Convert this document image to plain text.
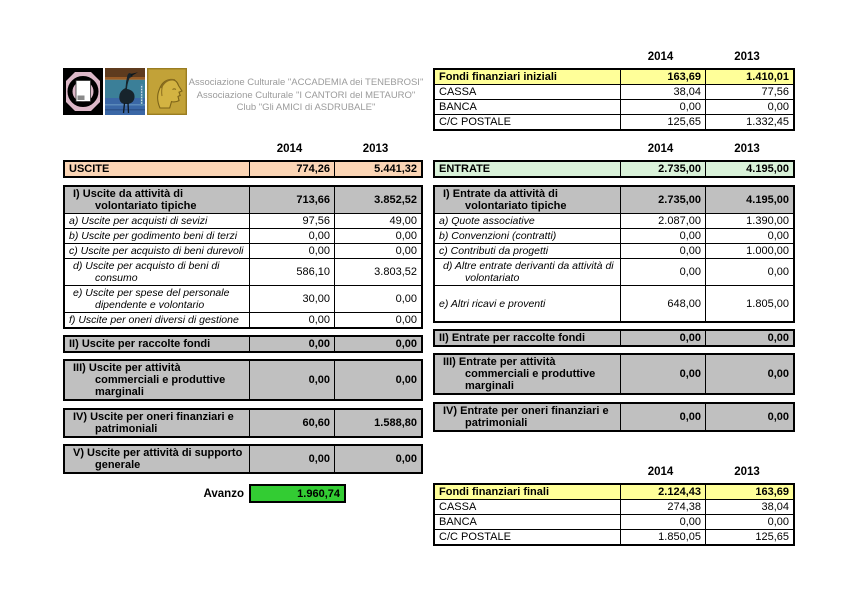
Associazione Culturale "ACCADEMIA dei TENEBROSI"
Associazione Culturale "I CANTORI del METAURO"
Club "Gli AMICI di ASDRUBALE"
2014	2013
Fondi finanziari iniziali	163,69	1.410,01
CASSA	38,04	77,56
BANCA	0,00	0,00
C/C POSTALE	125,65	1.332,45
2014	2013
USCITE	774,26	5.441,32
I) Uscite da attività di volontariato tipiche	713,66	3.852,52
a) Uscite per acquisti di sevizi	97,56	49,00
b) Uscite per godimento beni di terzi	0,00	0,00
c) Uscite per acquisto di beni durevoli	0,00	0,00
d) Uscite per acquisto di beni di consumo	586,10	3.803,52
e) Uscite per spese del personale dipendente e volontario	30,00	0,00
f) Uscite per oneri diversi di gestione	0,00	0,00
II) Uscite per raccolte fondi	0,00	0,00
III) Uscite per attività commerciali e produttive marginali
0,00	0,00
IV) Uscite per oneri finanziari e patrimoniali	60,60	1.588,80
V) Uscite per attività di supporto generale	0,00	0,00
2014	2013
ENTRATE	2.735,00	4.195,00
I) Entrate da attività di volontariato tipiche	2.735,00	4.195,00
a) Quote associative	2.087,00	1.390,00
b) Convenzioni (contratti)	0,00	0,00
c) Contributi da progetti	0,00	1.000,00
d) Altre entrate derivanti da attività di volontariato	0,00	0,00
e) Altri ricavi e proventi	648,00	1.805,00
II) Entrate per raccolte fondi	0,00	0,00
III) Entrate per attività commerciali e produttive marginali
0,00	0,00
IV) Entrate per oneri finanziari e patrimoniali	0,00	0,00
Avanzo	1.960,74
2014	2013
Fondi finanziari finali	2.124,43	163,69
CASSA	274,38	38,04
BANCA	0,00	0,00
C/C POSTALE	1.850,05	125,65
